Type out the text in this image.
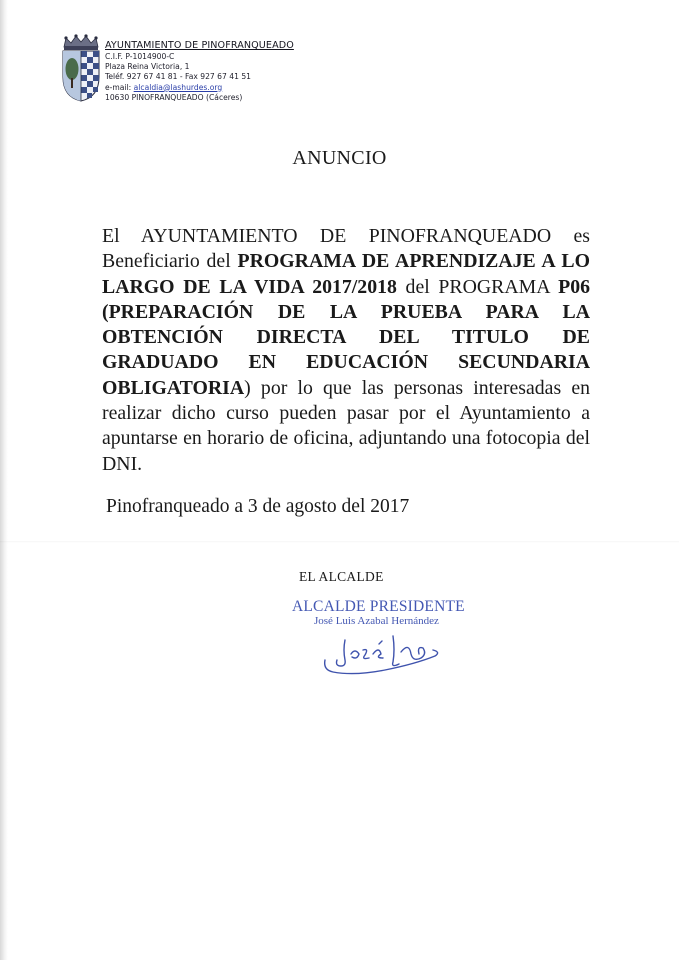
AYUNTAMIENTO DE PINOFRANQUEADO
C.I.F. P-1014900-C
Plaza Reina Victoria, 1
Teléf. 927 67 41 81 - Fax 927 67 41 51
e-mail: alcaldia@lashurdes.org
10630 PINOFRANQUEADO (Cáceres)
ANUNCIO
El AYUNTAMIENTO DE PINOFRANQUEADO es Beneficiario del PROGRAMA DE APRENDIZAJE A LO LARGO DE LA VIDA 2017/2018 del PROGRAMA P06 (PREPARACIÓN DE LA PRUEBA PARA LA OBTENCIÓN DIRECTA DEL TITULO DE GRADUADO EN EDUCACIÓN SECUNDARIA OBLIGATORIA) por lo que las personas interesadas en realizar dicho curso pueden pasar por el Ayuntamiento a apuntarse en horario de oficina, adjuntando una fotocopia del DNI.
Pinofranqueado a 3 de agosto del 2017
EL ALCALDE
ALCALDE PRESIDENTE
José Luis Azabal Hernández
